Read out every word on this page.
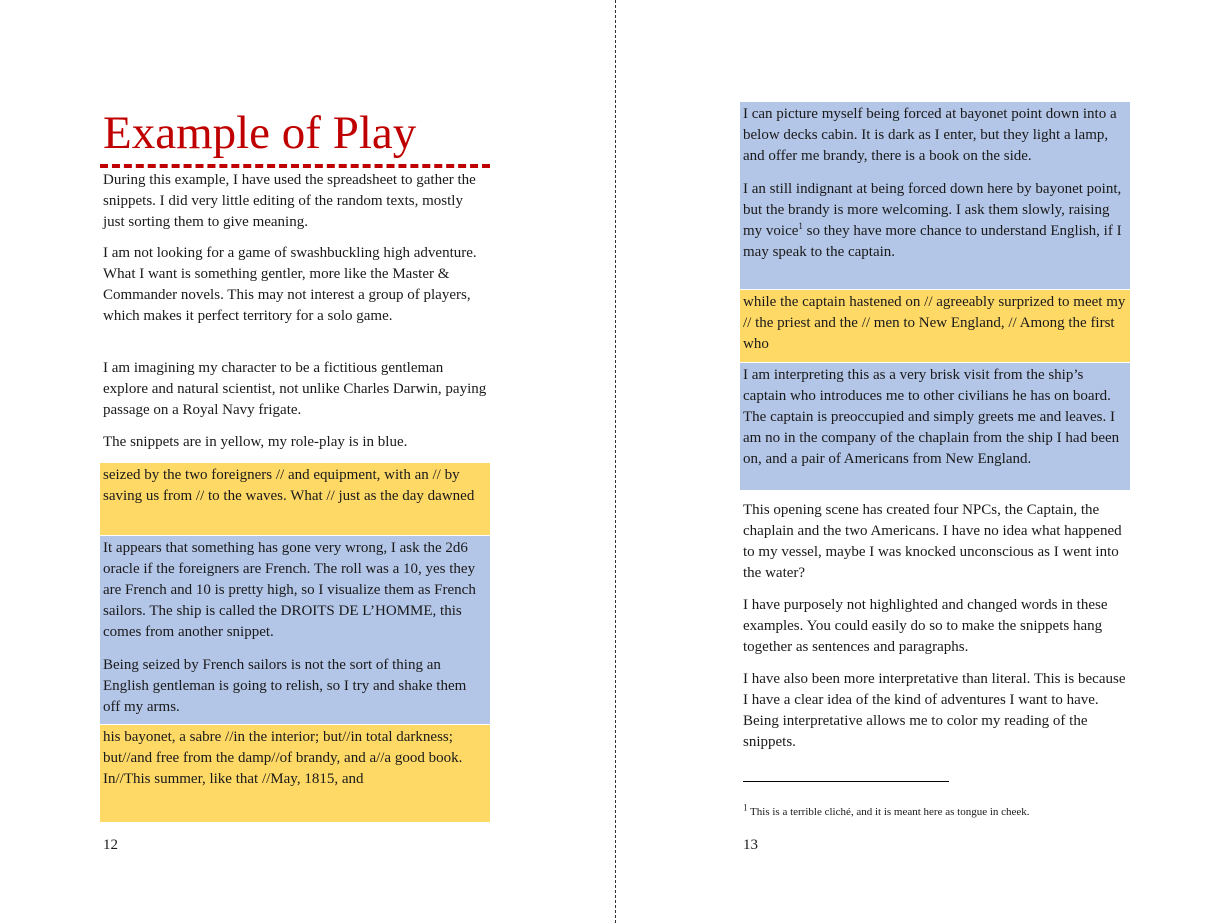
Example of Play

During this example, I have used the spreadsheet to gather the snippets. I did very little editing of the random texts, mostly just sorting them to give meaning.

I am not looking for a game of swashbuckling high adventure. What I want is something gentler, more like the Master & Commander novels. This may not interest a group of players, which makes it perfect territory for a solo game.

I am imagining my character to be a fictitious gentleman explore and natural scientist, not unlike Charles Darwin, paying passage on a Royal Navy frigate.

The snippets are in yellow, my role-play is in blue.

seized by the two foreigners // and equipment, with an // by saving us from // to the waves. What // just as the day dawned

It appears that something has gone very wrong, I ask the 2d6 oracle if the foreigners are French. The roll was a 10, yes they are French and 10 is pretty high, so I visualize them as French sailors. The ship is called the DROITS DE L’HOMME, this comes from another snippet.

Being seized by French sailors is not the sort of thing an English gentleman is going to relish, so I try and shake them off my arms.

his bayonet, a sabre //in the interior; but//in total darkness; but//and free from the damp//of brandy, and a//a good book. In//This summer, like that //May, 1815, and

12

I can picture myself being forced at bayonet point down into a below decks cabin. It is dark as I enter, but they light a lamp, and offer me brandy, there is a book on the side.

I an still indignant at being forced down here by bayonet point, but the brandy is more welcoming. I ask them slowly, raising my voice$^1$ so they have more chance to understand English, if I may speak to the captain.

while the captain hastened on // agreeably surprized to meet my // the priest and the // men to New England, // Among the first who

I am interpreting this as a very brisk visit from the ship’s captain who introduces me to other civilians he has on board. The captain is preoccupied and simply greets me and leaves. I am no in the company of the chaplain from the ship I had been on, and a pair of Americans from New England.

This opening scene has created four NPCs, the Captain, the chaplain and the two Americans. I have no idea what happened to my vessel, maybe I was knocked unconscious as I went into the water?

I have purposely not highlighted and changed words in these examples. You could easily do so to make the snippets hang together as sentences and paragraphs.

I have also been more interpretative than literal. This is because I have a clear idea of the kind of adventures I want to have. Being interpretative allows me to color my reading of the snippets.

$^1$ This is a terrible cliché, and it is meant here as tongue in cheek.

13
